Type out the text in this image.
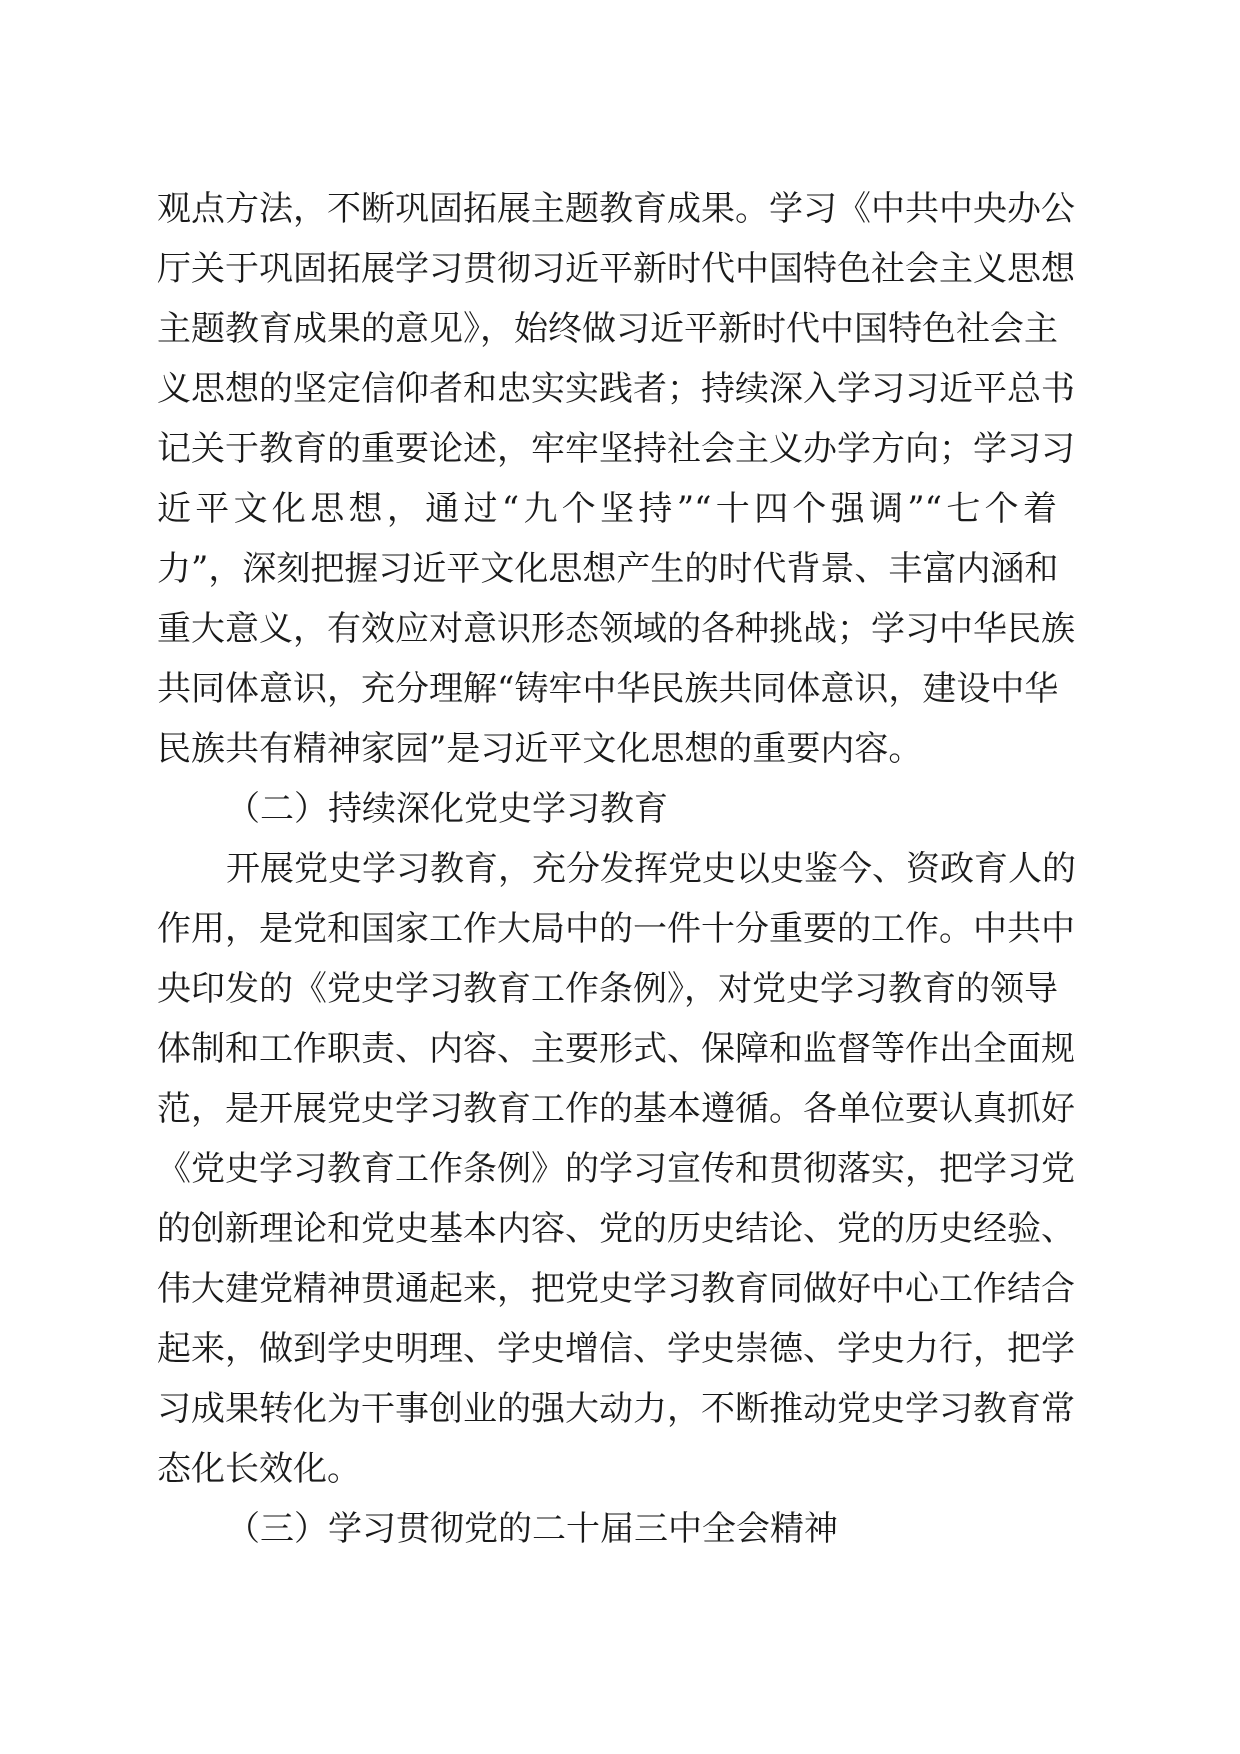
观点方法，不断巩固拓展主题教育成果。学习《中共中央办公
厅关于巩固拓展学习贯彻习近平新时代中国特色社会主义思想
主题教育成果的意见》，始终做习近平新时代中国特色社会主
义思想的坚定信仰者和忠实实践者；持续深入学习习近平总书
记关于教育的重要论述，牢牢坚持社会主义办学方向；学习习
近平文化思想，通过“九个坚持”“十四个强调”“七个着
力”，深刻把握习近平文化思想产生的时代背景、丰富内涵和
重大意义，有效应对意识形态领域的各种挑战；学习中华民族
共同体意识，充分理解“铸牢中华民族共同体意识，建设中华
民族共有精神家园”是习近平文化思想的重要内容。
（二）持续深化党史学习教育
开展党史学习教育，充分发挥党史以史鉴今、资政育人的
作用，是党和国家工作大局中的一件十分重要的工作。中共中
央印发的《党史学习教育工作条例》，对党史学习教育的领导
体制和工作职责、内容、主要形式、保障和监督等作出全面规
范，是开展党史学习教育工作的基本遵循。各单位要认真抓好
《党史学习教育工作条例》的学习宣传和贯彻落实，把学习党
的创新理论和党史基本内容、党的历史结论、党的历史经验、
伟大建党精神贯通起来，把党史学习教育同做好中心工作结合
起来，做到学史明理、学史增信、学史崇德、学史力行，把学
习成果转化为干事创业的强大动力，不断推动党史学习教育常
态化长效化。
（三）学习贯彻党的二十届三中全会精神
